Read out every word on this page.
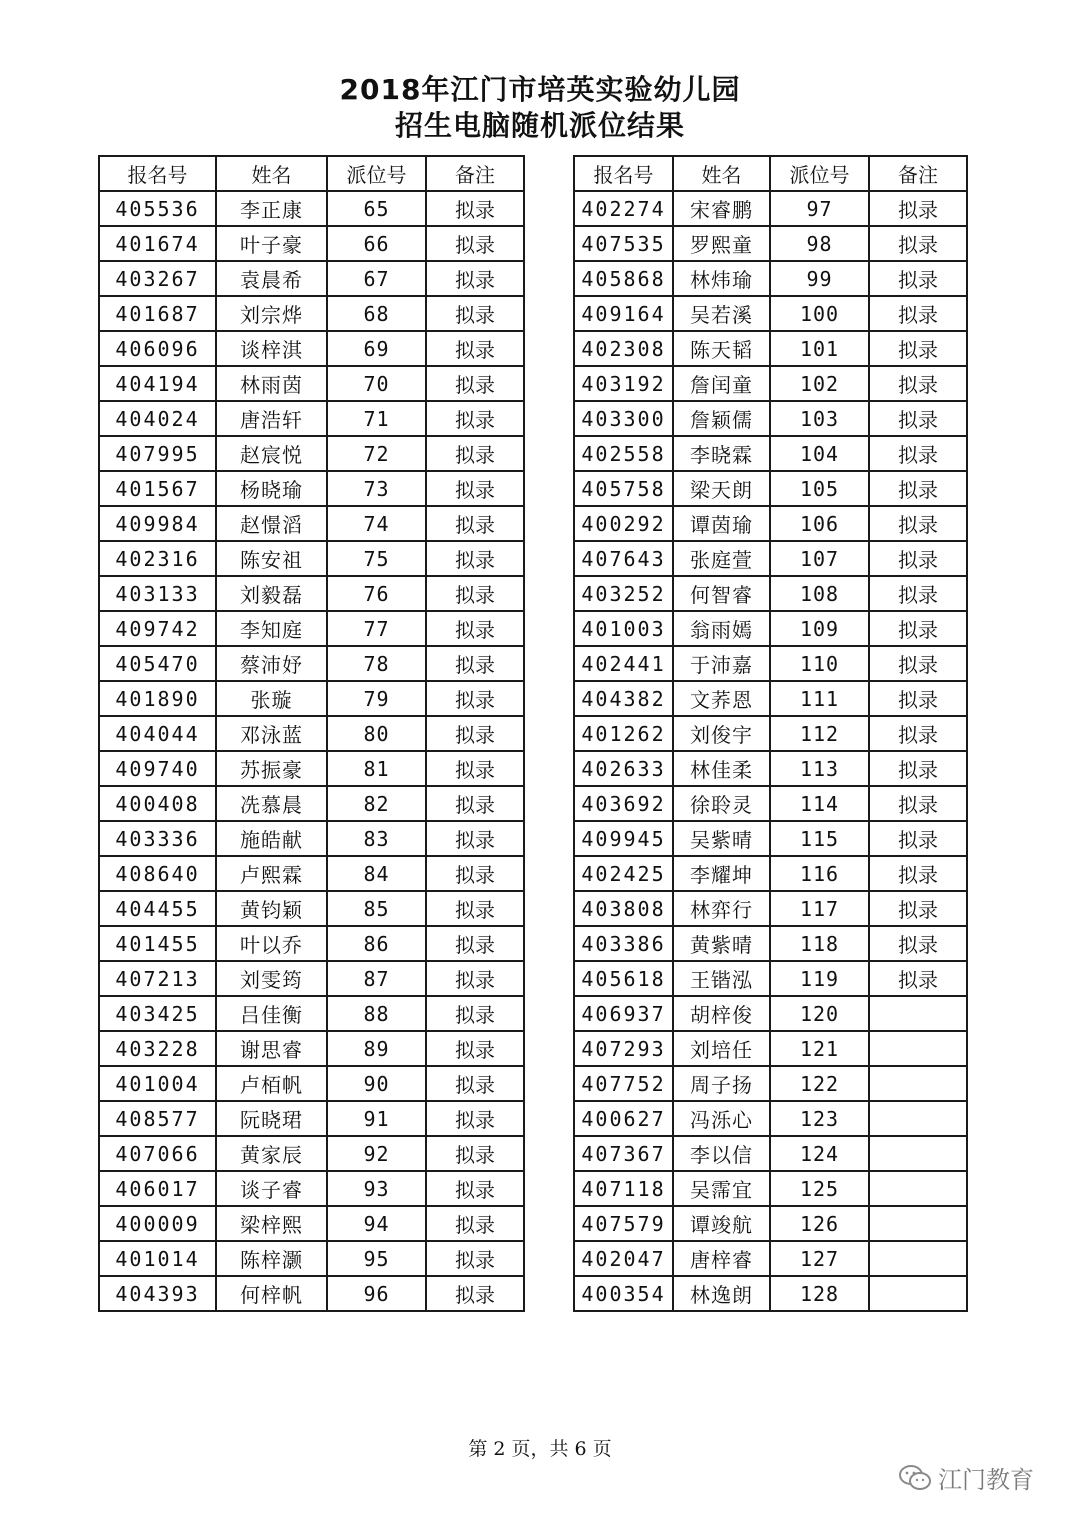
2018年江门市培英实验幼儿园
招生电脑随机派位结果
报名号	姓名	派位号	备注
405536	李正康	65	拟录
401674	叶子豪	66	拟录
403267	袁晨希	67	拟录
401687	刘宗烨	68	拟录
406096	谈梓淇	69	拟录
404194	林雨茵	70	拟录
404024	唐浩轩	71	拟录
407995	赵宸悦	72	拟录
401567	杨晓瑜	73	拟录
409984	赵憬滔	74	拟录
402316	陈安祖	75	拟录
403133	刘毅磊	76	拟录
409742	李知庭	77	拟录
405470	蔡沛妤	78	拟录
401890	张璇	79	拟录
404044	邓泳蓝	80	拟录
409740	苏振豪	81	拟录
400408	冼慕晨	82	拟录
403336	施皓献	83	拟录
408640	卢熙霖	84	拟录
404455	黄钧颖	85	拟录
401455	叶以乔	86	拟录
407213	刘雯筠	87	拟录
403425	吕佳衡	88	拟录
403228	谢思睿	89	拟录
401004	卢栢帆	90	拟录
408577	阮晓珺	91	拟录
407066	黄家辰	92	拟录
406017	谈子睿	93	拟录
400009	梁梓熙	94	拟录
401014	陈梓灏	95	拟录
404393	何梓帆	96	拟录
报名号	姓名	派位号	备注
402274	宋睿鹏	97	拟录
407535	罗熙童	98	拟录
405868	林炜瑜	99	拟录
409164	吴若溪	100	拟录
402308	陈天韬	101	拟录
403192	詹闰童	102	拟录
403300	詹颖儒	103	拟录
402558	李晓霖	104	拟录
405758	梁天朗	105	拟录
400292	谭茵瑜	106	拟录
407643	张庭萱	107	拟录
403252	何智睿	108	拟录
401003	翁雨嫣	109	拟录
402441	于沛嘉	110	拟录
404382	文荞恩	111	拟录
401262	刘俊宇	112	拟录
402633	林佳柔	113	拟录
403692	徐聆灵	114	拟录
409945	吴紫晴	115	拟录
402425	李耀坤	116	拟录
403808	林弈行	117	拟录
403386	黄紫晴	118	拟录
405618	王锴泓	119	拟录
406937	胡梓俊	120	
407293	刘培任	121	
407752	周子扬	122	
400627	冯泺心	123	
407367	李以信	124	
407118	吴霈宜	125	
407579	谭竣航	126	
402047	唐梓睿	127	
400354	林逸朗	128	
第 2 页，共 6 页
江门教育
